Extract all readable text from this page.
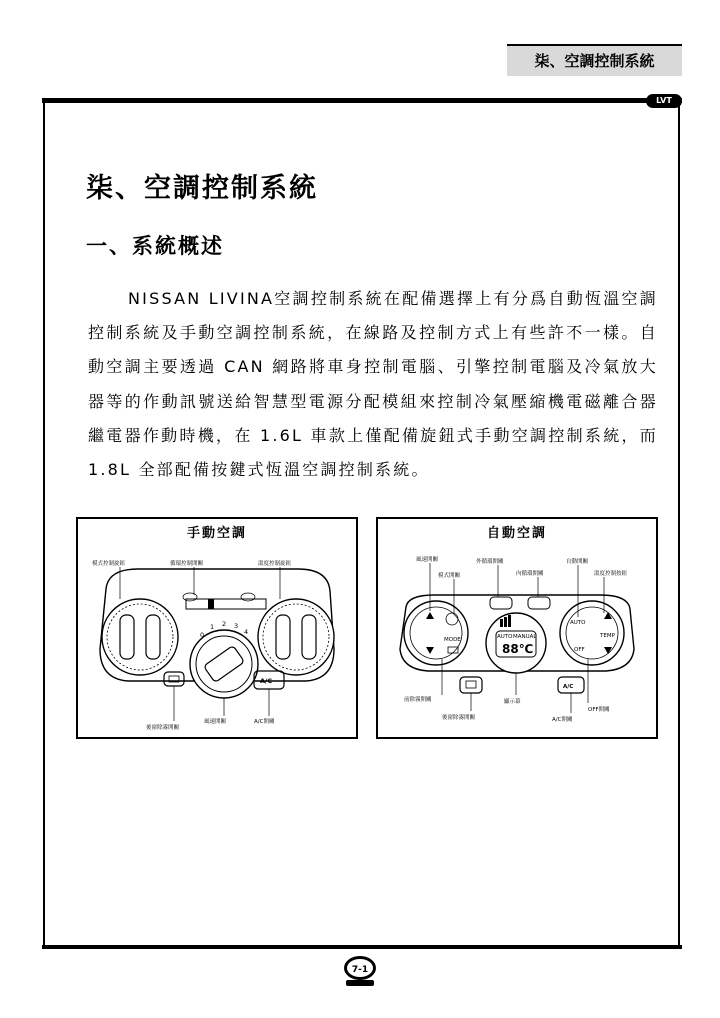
柒、空調控制系統
LVT
柒、空調控制系統
一、系統概述

NISSAN LIVINA空調控制系統在配備選擇上有分爲自動恆溫空調控制系統及手動空調控制系統，在線路及控制方式上有些許不一樣。自動空調主要透過 CAN 網路將車身控制電腦、引擎控制電腦及冷氣放大器等的作動訊號送給智慧型電源分配模組來控制冷氣壓縮機電磁離合器繼電器作動時機，在 1.6L 車款上僅配備旋鈕式手動空調控制系統，而 1.8L 全部配備按鍵式恆溫空調控制系統。

手動空調
0
1 2 3
4
A/C
模式控制旋鈕	循環控制開關	溫度控制旋鈕
後窗除霧開關
風速開關	A/C開關
自動空調
MODE	AUTO MANUAL
88℃
AUTO
TEMP
OFF
A/C
風速開關
模式開關
外循環開關
內循環開關
自動開關
溫度控制按鈕
前除霧開關	顯示幕
後窗除霧開關
OFF開關
A/C開關
7-1
